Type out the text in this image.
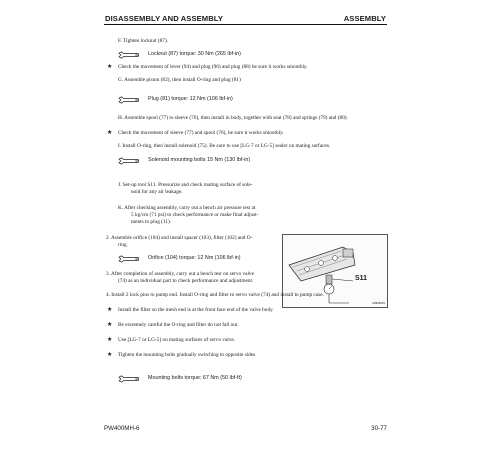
DISASSEMBLY AND ASSEMBLY	ASSEMBLY
F. Tighten locknut (87).
Locknut (87) torque: 30 Nm (265 lbf-in)
★ Check the movement of lever (94) and plug (96) and plug (88) be sure it works smoothly.
G. Assemble piston (82), then install O-ring and plug (81)
Plug (81) torque: 12 Nm (106 lbf-in)
H. Assemble spool (77) to sleeve (76), then install in body, together with seat (78) and springs (79) and (80).
★ Check the movement of sleeve (77) and spool (76), be sure it works smoothly.
I. Install O-ring, then install solenoid (75). Be sure to use [LG-7 or LG-5] sealer on mating surfaces.
Solenoid mounting bolts 15 Nm (130 lbf-in)
J. Set-up tool S11. Pressurize and check mating surface of sole-
noid for any air leakage.
K. After checking assembly, carry out a bench air pressure test at
5 kg/cm (71 psi) to check performance or make final adjust-
ments to plug (11).
2. Assemble orifice (104) and install spacer (103), filter (102) and O-
ring.
Orifice (104) torque: 12 Nm (106 lbf-in)
S11
A0906015
3. After completion of assembly, carry out a bench test on servo valve
(74) as an individual part to check performance and adjustment.
4. Install 2 lock pins to pump end. Install O-ring and filter to servo valve (74) and install to pump case.
★ Install the filter so the mesh end is at the front face end of the valve body.
★ Be extremely careful the O-ring and filter do not fall out.
★ Use [LG-7 or LG-5] on mating surfaces of servo valve.
★ Tighten the mounting bolts gradually switching to opposite sides.
Mounting bolts torque: 67 Nm (50 lbf-ft)
PW400MH-6	30-77
